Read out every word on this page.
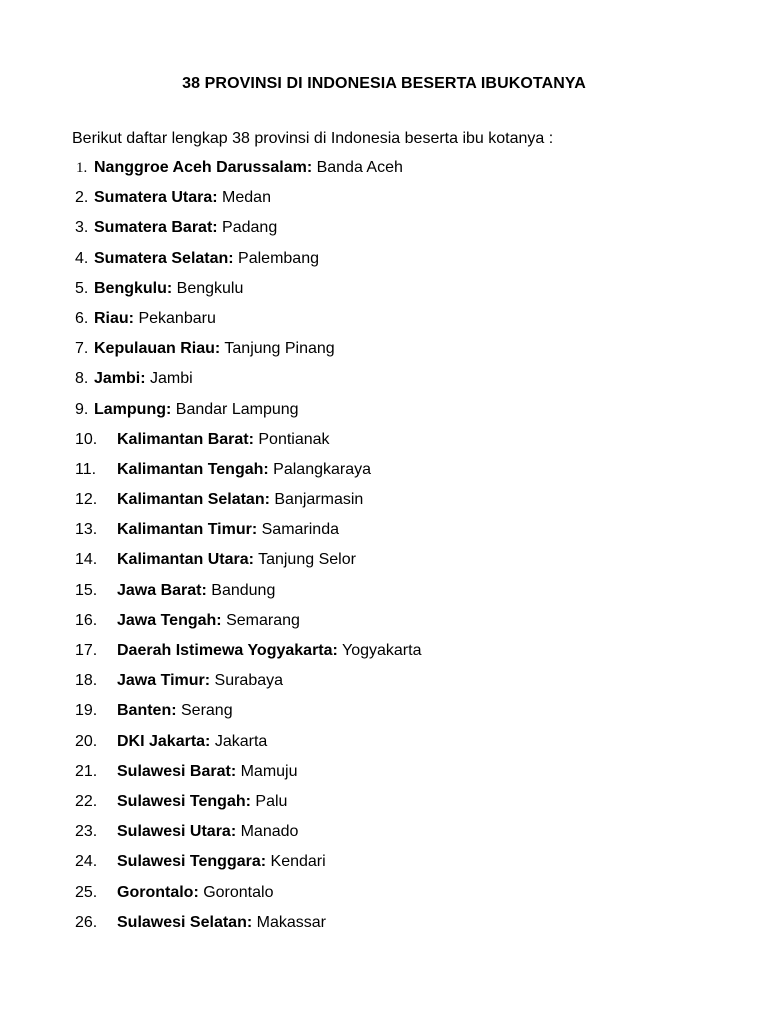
38 PROVINSI DI INDONESIA BESERTA IBUKOTANYA
Berikut daftar lengkap 38 provinsi di Indonesia beserta ibu kotanya :
1. Nanggroe Aceh Darussalam: Banda Aceh
2. Sumatera Utara: Medan
3. Sumatera Barat: Padang
4. Sumatera Selatan: Palembang
5. Bengkulu: Bengkulu
6. Riau: Pekanbaru
7. Kepulauan Riau: Tanjung Pinang
8. Jambi: Jambi
9. Lampung: Bandar Lampung
10. Kalimantan Barat: Pontianak
11. Kalimantan Tengah: Palangkaraya
12. Kalimantan Selatan: Banjarmasin
13. Kalimantan Timur: Samarinda
14. Kalimantan Utara: Tanjung Selor
15. Jawa Barat: Bandung
16. Jawa Tengah: Semarang
17. Daerah Istimewa Yogyakarta: Yogyakarta
18. Jawa Timur: Surabaya
19. Banten: Serang
20. DKI Jakarta: Jakarta
21. Sulawesi Barat: Mamuju
22. Sulawesi Tengah: Palu
23. Sulawesi Utara: Manado
24. Sulawesi Tenggara: Kendari
25. Gorontalo: Gorontalo
26. Sulawesi Selatan: Makassar
